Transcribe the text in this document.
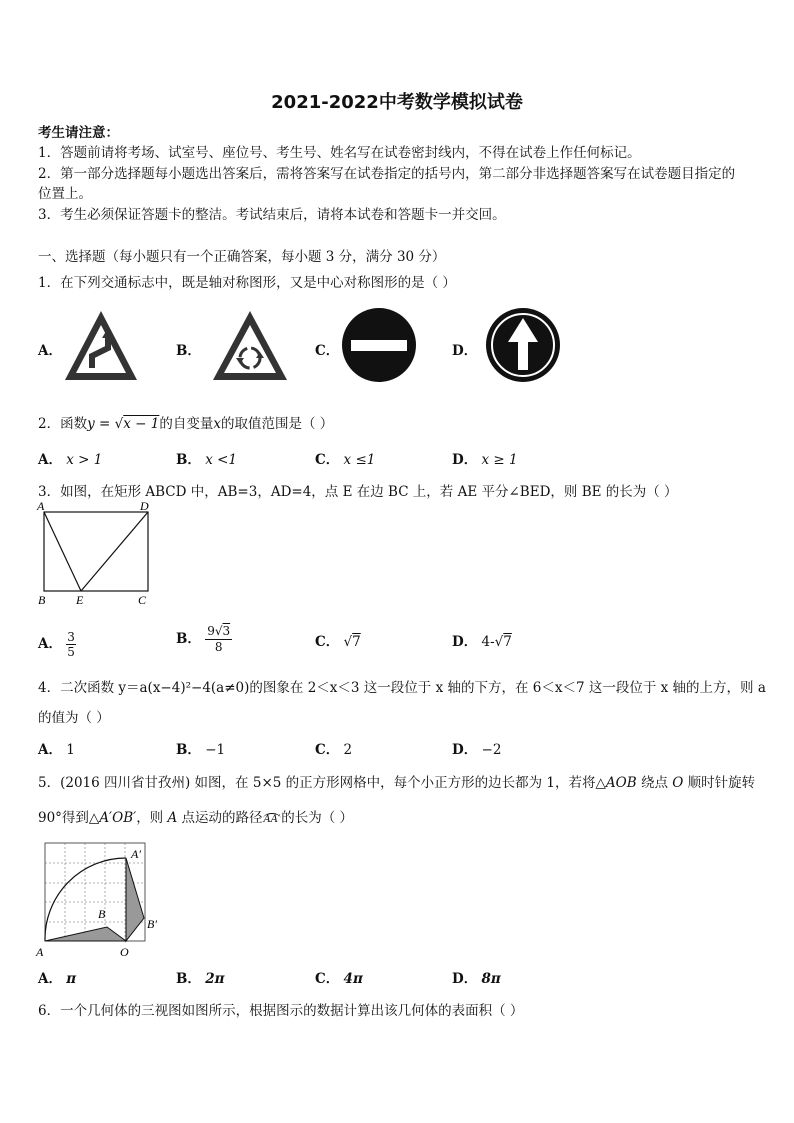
2021-2022中考数学模拟试卷
考生请注意：
1．答题前请将考场、试室号、座位号、考生号、姓名写在试卷密封线内，不得在试卷上作任何标记。
2．第一部分选择题每小题选出答案后，需将答案写在试卷指定的括号内，第二部分非选择题答案写在试卷题目指定的
位置上。
3．考生必须保证答题卡的整洁。考试结束后，请将本试卷和答题卡一并交回。
一、选择题（每小题只有一个正确答案，每小题 3 分，满分 30 分）
1．在下列交通标志中，既是轴对称图形，又是中心对称图形的是（ ）
A．	B．	C．	D．
2．函数y = √x − 1的自变量x的取值范围是（ ）
A． x > 1	B． x <1	C． x ≤1	D． x ≥ 1
3．如图，在矩形 ABCD 中，AB=3，AD=4，点 E 在边 BC 上，若 AE 平分∠BED，则 BE 的长为（ ）
A	D
B	E	C
A． $\frac{3}{5}$	B． $\frac{9√3}{8}$	C． √7	D． 4-√7
4．二次函数 y＝a(x−4)²−4(a≠0)的图象在 2＜x＜3 这一段位于 x 轴的下方，在 6＜x＜7 这一段位于 x 轴的上方，则 a
的值为（ ）
A． 1	B． −1	C． 2	D． −2
5．(2016 四川省甘孜州) 如图，在 5×5 的正方形网格中，每个小正方形的边长都为 1，若将△AOB 绕点 O 顺时针旋转
90°得到△A′OB′，则 A 点运动的路径AA′的长为（ ）
A	O
B
A′
B′
A． π	B． 2π	C． 4π	D． 8π
6．一个几何体的三视图如图所示，根据图示的数据计算出该几何体的表面积（ ）
